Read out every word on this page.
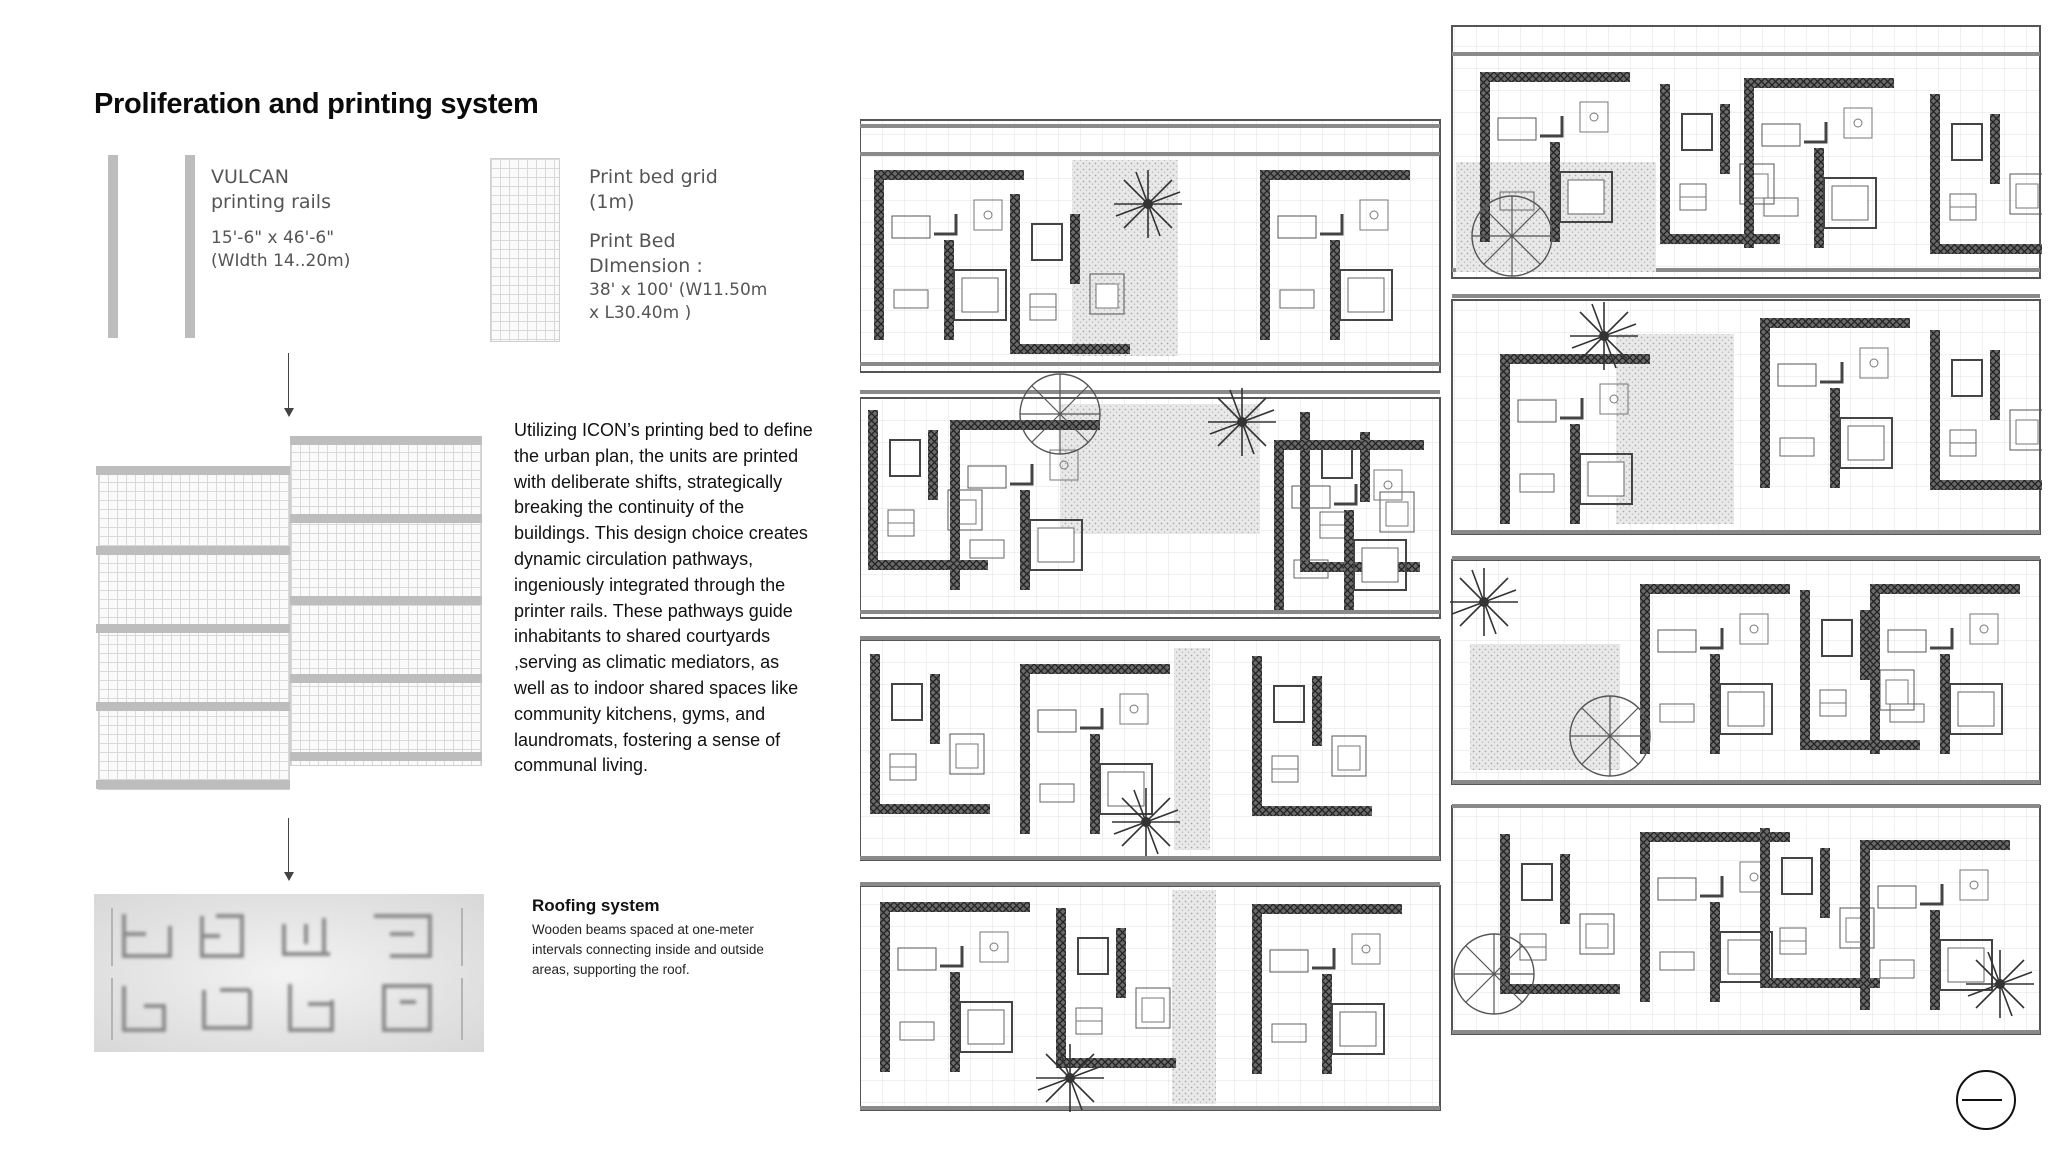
Proliferation and printing system
VULCAN
printing rails
15'-6" x 46'-6"
(WIdth 14..20m)
Print bed grid
(1m)
Print Bed
DImension :
38' x 100' (W11.50m
x L30.40m )
Utilizing ICON’s printing bed to define the urban plan, the units are printed with deliberate shifts, strategically breaking the continuity of the buildings. This design choice creates dynamic circulation pathways, ingeniously integrated through the printer rails. These pathways guide inhabitants to shared courtyards ,serving as climatic mediators, as well as to indoor shared spaces like community kitchens, gyms, and laundromats, fostering a sense of communal living.
Roofing system
Wooden beams spaced at one-meter intervals connecting inside and outside areas, supporting the roof.
